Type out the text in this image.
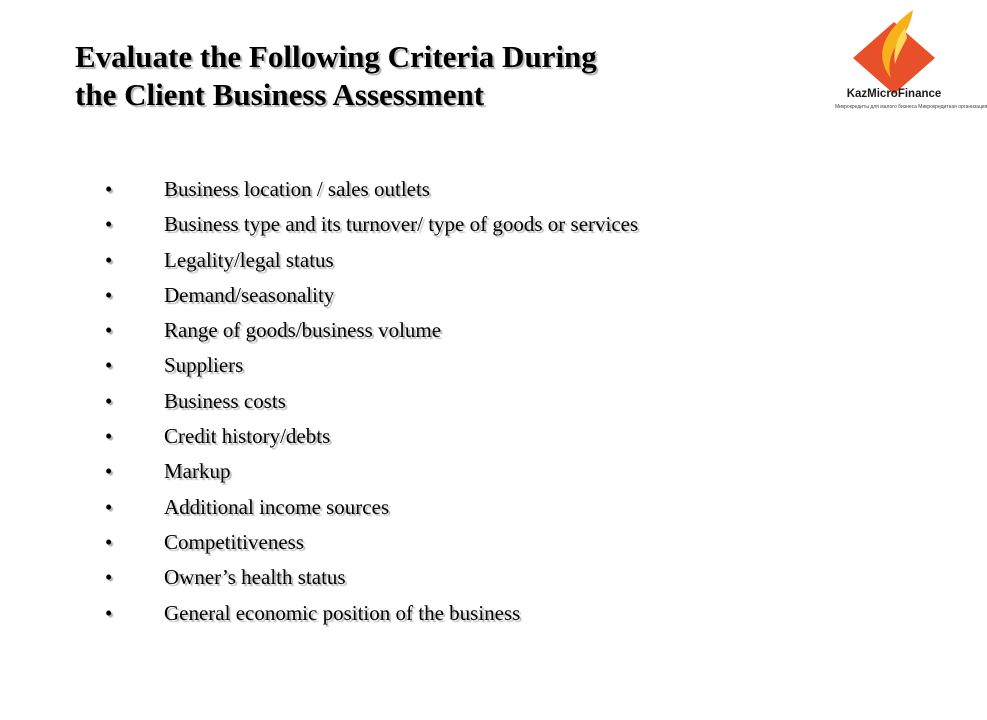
Evaluate the Following Criteria During
the Client Business Assessment	KazMicroFinance
Микрокредиты для малого бизнеса Микрокредитная организация
•	Business location / sales outlets
•	Business type and its turnover/ type of goods or services
•	Legality/legal status
•	Demand/seasonality
•	Range of goods/business volume
•	Suppliers
•	Business costs
•	Credit history/debts
•	Markup
•	Additional income sources
•	Competitiveness
•	Owner’s health status
•	General economic position of the business
